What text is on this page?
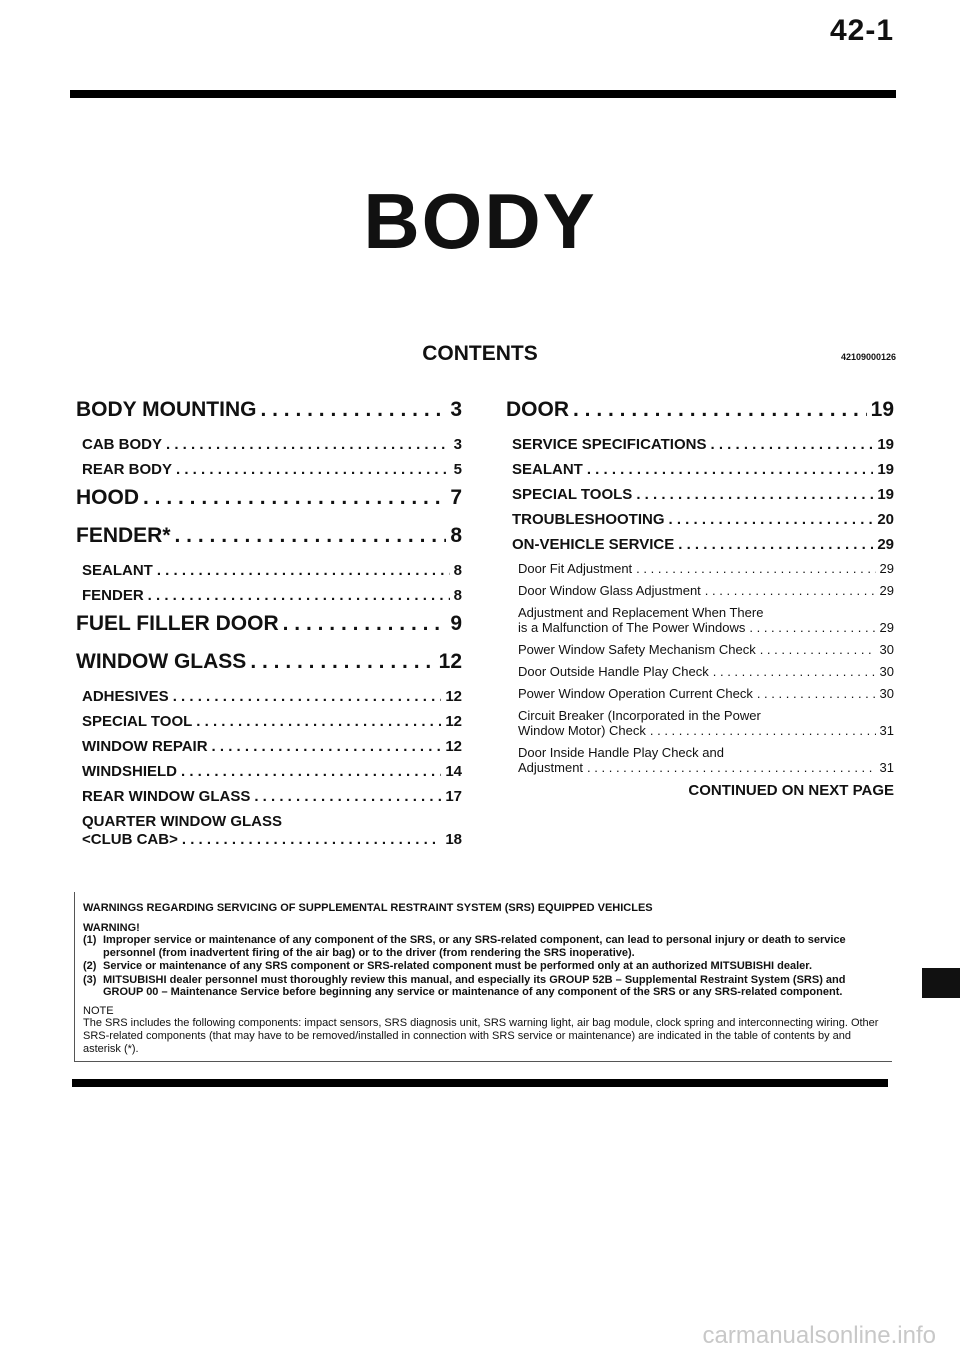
42-1
BODY
CONTENTS	42109000126
BODY MOUNTING . . .	3
CAB BODY . . .	3
REAR BODY . . .	5
HOOD . . .	7
FENDER* . . .	8
SEALANT . . .	8
FENDER . . .	8
FUEL FILLER DOOR . . .	9
WINDOW GLASS . . .	12
ADHESIVES . . .	12
SPECIAL TOOL . . .	12
WINDOW REPAIR . . .	12
WINDSHIELD . . .	14
REAR WINDOW GLASS . . .	17
QUARTER WINDOW GLASS
<CLUB CAB> . . .	18
DOOR . . .	19
SERVICE SPECIFICATIONS . . .	19
SEALANT . . .	19
SPECIAL TOOLS . . .	19
TROUBLESHOOTING . . .	20
ON-VEHICLE SERVICE . . .	29
Door Fit Adjustment . . .	29
Door Window Glass Adjustment . . .	29
Adjustment and Replacement When There
is a Malfunction of The Power Windows . . .	29
Power Window Safety Mechanism Check . . .	30
Door Outside Handle Play Check . . .	30
Power Window Operation Current Check . . .	30
Circuit Breaker (Incorporated in the Power
Window Motor) Check . . .	31
Door Inside Handle Play Check and
Adjustment . . .	31
CONTINUED ON NEXT PAGE
WARNINGS REGARDING SERVICING OF SUPPLEMENTAL RESTRAINT SYSTEM (SRS) EQUIPPED VEHICLES
WARNING!
(1) Improper service or maintenance of any component of the SRS, or any SRS-related component, can lead to personal injury or death to service personnel (from inadvertent firing of the air bag) or to the driver (from rendering the SRS inoperative).
(2) Service or maintenance of any SRS component or SRS-related component must be performed only at an authorized MITSUBISHI dealer.
(3) MITSUBISHI dealer personnel must thoroughly review this manual, and especially its GROUP 52B – Supplemental Restraint System (SRS) and GROUP 00 – Maintenance Service before beginning any service or maintenance of any component of the SRS or any SRS-related component.
NOTE
The SRS includes the following components: impact sensors, SRS diagnosis unit, SRS warning light, air bag module, clock spring and interconnecting wiring. Other SRS-related components (that may have to be removed/installed in connection with SRS service or maintenance) are indicated in the table of contents by and asterisk (*).
carmanualsonline.info
